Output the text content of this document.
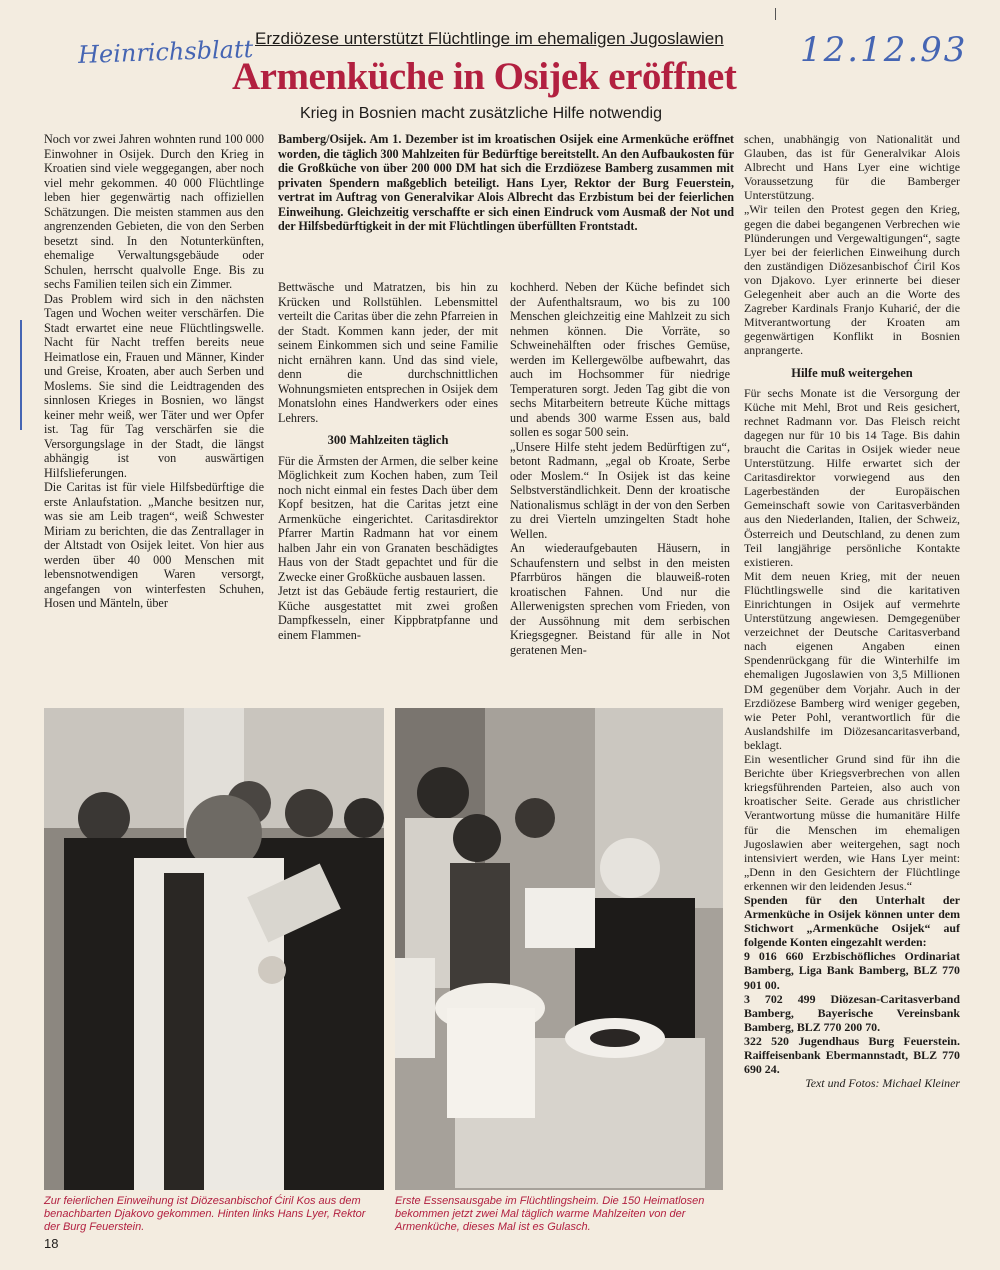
Heinrichsblatt	12.12.93
Erzdiözese unterstützt Flüchtlinge im ehemaligen Jugoslawien
Armenküche in Osijek eröffnet
Krieg in Bosnien macht zusätzliche Hilfe notwendig

Noch vor zwei Jahren wohnten rund 100 000 Einwohner in Osijek. Durch den Krieg in Kroatien sind viele weggegangen, aber noch viel mehr gekommen. 40 000 Flüchtlinge leben hier gegenwärtig nach offiziellen Schätzungen. Die meisten stammen aus den angrenzenden Gebieten, die von den Serben besetzt sind. In den Notunterkünften, ehemalige Verwaltungsgebäude oder Schulen, herrscht qualvolle Enge. Bis zu sechs Familien teilen sich ein Zimmer.

Das Problem wird sich in den nächsten Tagen und Wochen weiter verschärfen. Die Stadt erwartet eine neue Flüchtlingswelle. Nacht für Nacht treffen bereits neue Heimatlose ein, Frauen und Männer, Kinder und Greise, Kroaten, aber auch Serben und Moslems. Sie sind die Leidtragenden des sinnlosen Krieges in Bosnien, wo längst keiner mehr weiß, wer Täter und wer Opfer ist. Tag für Tag verschärfen sie die Versorgungslage in der Stadt, die längst abhängig ist von auswärtigen Hilfslieferungen.

Die Caritas ist für viele Hilfsbedürftige die erste Anlaufstation. „Manche besitzen nur, was sie am Leib tragen“, weiß Schwester Miriam zu berichten, die das Zentrallager in der Altstadt von Osijek leitet. Von hier aus werden über 40 000 Menschen mit lebensnotwendigen Waren versorgt, angefangen von winterfesten Schuhen, Hosen und Mänteln, über

Bamberg/Osijek. Am 1. Dezember ist im kroatischen Osijek eine Armenküche eröffnet worden, die täglich 300 Mahlzeiten für Bedürftige bereitstellt. An den Aufbaukosten für die Großküche von über 200 000 DM hat sich die Erzdiözese Bamberg zusammen mit privaten Spendern maßgeblich beteiligt. Hans Lyer, Rektor der Burg Feuerstein, vertrat im Auftrag von Generalvikar Alois Albrecht das Erzbistum bei der feierlichen Einweihung. Gleichzeitig verschaffte er sich einen Eindruck vom Ausmaß der Not und der Hilfsbedürftigkeit in der mit Flüchtlingen überfüllten Frontstadt.

Bettwäsche und Matratzen, bis hin zu Krücken und Rollstühlen. Lebensmittel verteilt die Caritas über die zehn Pfarreien in der Stadt. Kommen kann jeder, der mit seinem Einkommen sich und seine Familie nicht ernähren kann. Und das sind viele, denn die durchschnittlichen Wohnungsmieten entsprechen in Osijek dem Monatslohn eines Handwerkers oder eines Lehrers.

300 Mahlzeiten täglich

Für die Ärmsten der Armen, die selber keine Möglichkeit zum Kochen haben, zum Teil noch nicht einmal ein festes Dach über dem Kopf besitzen, hat die Caritas jetzt eine Armenküche eingerichtet. Caritasdirektor Pfarrer Martin Radmann hat vor einem halben Jahr ein von Granaten beschädigtes Haus von der Stadt gepachtet und für die Zwecke einer Großküche ausbauen lassen.

Jetzt ist das Gebäude fertig restauriert, die Küche ausgestattet mit zwei großen Dampfkesseln, einer Kippbratpfanne und einem Flammen-

kochherd. Neben der Küche befindet sich der Aufenthaltsraum, wo bis zu 100 Menschen gleichzeitig eine Mahlzeit zu sich nehmen können. Die Vorräte, so Schweinehälften oder frisches Gemüse, werden im Kellergewölbe aufbewahrt, das auch im Hochsommer für niedrige Temperaturen sorgt. Jeden Tag gibt die von sechs Mitarbeitern betreute Küche mittags und abends 300 warme Essen aus, bald sollen es sogar 500 sein.

„Unsere Hilfe steht jedem Bedürftigen zu“, betont Radmann, „egal ob Kroate, Serbe oder Moslem.“ In Osijek ist das keine Selbstverständlichkeit. Denn der kroatische Nationalismus schlägt in der von den Serben zu drei Vierteln umzingelten Stadt hohe Wellen.

An wiederaufgebauten Häusern, in Schaufenstern und selbst in den meisten Pfarrbüros hängen die blauweiß-roten kroatischen Fahnen. Und nur die Allerwenigsten sprechen vom Frieden, von der Aussöhnung mit dem serbischen Kriegsgegner. Beistand für alle in Not geratenen Men-

schen, unabhängig von Nationalität und Glauben, das ist für Generalvikar Alois Albrecht und Hans Lyer eine wichtige Voraussetzung für die Bamberger Unterstützung.

„Wir teilen den Protest gegen den Krieg, gegen die dabei begangenen Verbrechen wie Plünderungen und Vergewaltigungen“, sagte Lyer bei der feierlichen Einweihung durch den zuständigen Diözesanbischof Ćiril Kos von Djakovo. Lyer erinnerte bei dieser Gelegenheit aber auch an die Worte des Zagreber Kardinals Franjo Kuharić, der die Mitverantwortung der Kroaten am gegenwärtigen Konflikt in Bosnien anprangerte.

Hilfe muß weitergehen

Für sechs Monate ist die Versorgung der Küche mit Mehl, Brot und Reis gesichert, rechnet Radmann vor. Das Fleisch reicht dagegen nur für 10 bis 14 Tage. Bis dahin braucht die Caritas in Osijek wieder neue Unterstützung. Hilfe erwartet sich der Caritasdirektor vorwiegend aus den Lagerbeständen der Europäischen Gemeinschaft sowie von Caritasverbänden aus den Niederlanden, Italien, der Schweiz, Österreich und Deutschland, zu denen zum Teil langjährige persönliche Kontakte existieren.

Mit dem neuen Krieg, mit der neuen Flüchtlingswelle sind die karitativen Einrichtungen in Osijek auf vermehrte Unterstützung angewiesen. Demgegenüber verzeichnet der Deutsche Caritasverband nach eigenen Angaben einen Spendenrückgang für die Winterhilfe im ehemaligen Jugoslawien von 3,5 Millionen DM gegenüber dem Vorjahr. Auch in der Erzdiözese Bamberg wird weniger gegeben, wie Peter Pohl, verantwortlich für die Auslandshilfe im Diözesancaritasverband, beklagt.

Ein wesentlicher Grund sind für ihn die Berichte über Kriegsverbrechen von allen kriegsführenden Parteien, also auch von kroatischer Seite. Gerade aus christlicher Verantwortung müsse die humanitäre Hilfe für die Menschen im ehemaligen Jugoslawien aber weitergehen, sagt noch intensiviert werden, wie Hans Lyer meint: „Denn in den Gesichtern der Flüchtlinge erkennen wir den leidenden Jesus.“

Spenden für den Unterhalt der Armenküche in Osijek können unter dem Stichwort „Armenküche Osijek“ auf folgende Konten eingezahlt werden:

9 016 660 Erzbischöfliches Ordinariat Bamberg, Liga Bank Bamberg, BLZ 770 901 00.

3 702 499 Diözesan-Caritasverband Bamberg, Bayerische Vereinsbank Bamberg, BLZ 770 200 70.

322 520 Jugendhaus Burg Feuerstein. Raiffeisenbank Ebermannstadt, BLZ 770 690 24.

Text und Fotos: Michael Kleiner

Zur feierlichen Einweihung ist Diözesanbischof Ćiril Kos aus dem benachbarten Djakovo gekommen. Hinten links Hans Lyer, Rektor der Burg Feuerstein.
Erste Essensausgabe im Flüchtlingsheim. Die 150 Heimatlosen bekommen jetzt zwei Mal täglich warme Mahlzeiten von der Armenküche, dieses Mal ist es Gulasch.
18
